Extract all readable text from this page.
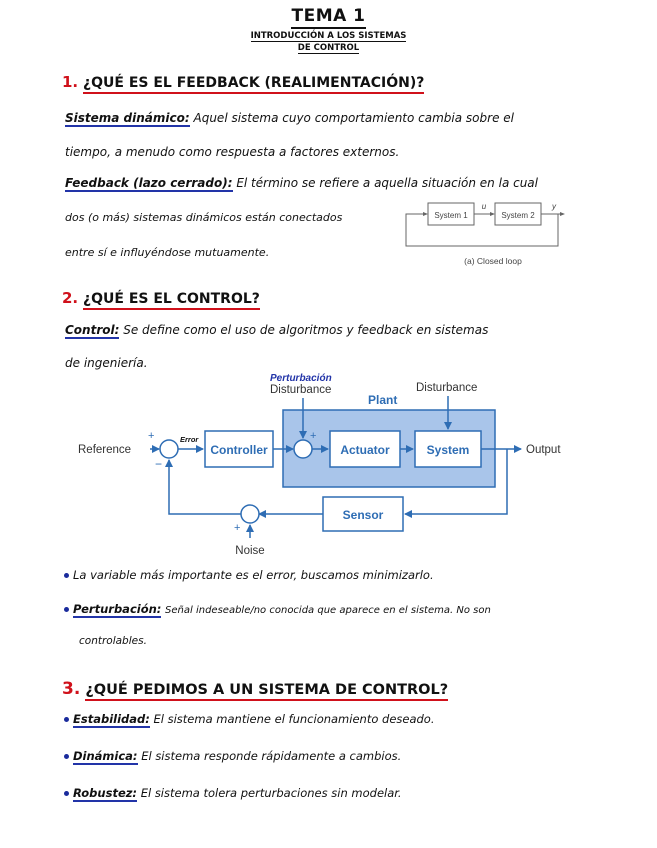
TEMA 1
INTRODUCCIÓN A LOS SISTEMAS
DE CONTROL
1. ¿QUÉ ES EL FEEDBACK (REALIMENTACIÓN)?
Sistema dinámico: Aquel sistema cuyo comportamiento cambia sobre el
tiempo, a menudo como respuesta a factores externos.
Feedback (lazo cerrado): El término se refiere a aquella situación en la cual
dos (o más) sistemas dinámicos están conectados
entre sí e influyéndose mutuamente.
System 1	System 2
u	y
(a) Closed loop
2. ¿QUÉ ES EL CONTROL?
Control: Se define como el uso de algoritmos y feedback en sistemas
de ingeniería.
Plant
Perturbación
Disturbance	Disturbance
Reference
+
−
Error
Controller
+
Actuator	System	Output
Sensor
+
Noise
La variable más importante es el error, buscamos minimizarlo.
Perturbación: Señal indeseable/no conocida que aparece en el sistema. No son
controlables.
3. ¿QUÉ PEDIMOS A UN SISTEMA DE CONTROL?
Estabilidad: El sistema mantiene el funcionamiento deseado.
Dinámica: El sistema responde rápidamente a cambios.
Robustez: El sistema tolera perturbaciones sin modelar.
